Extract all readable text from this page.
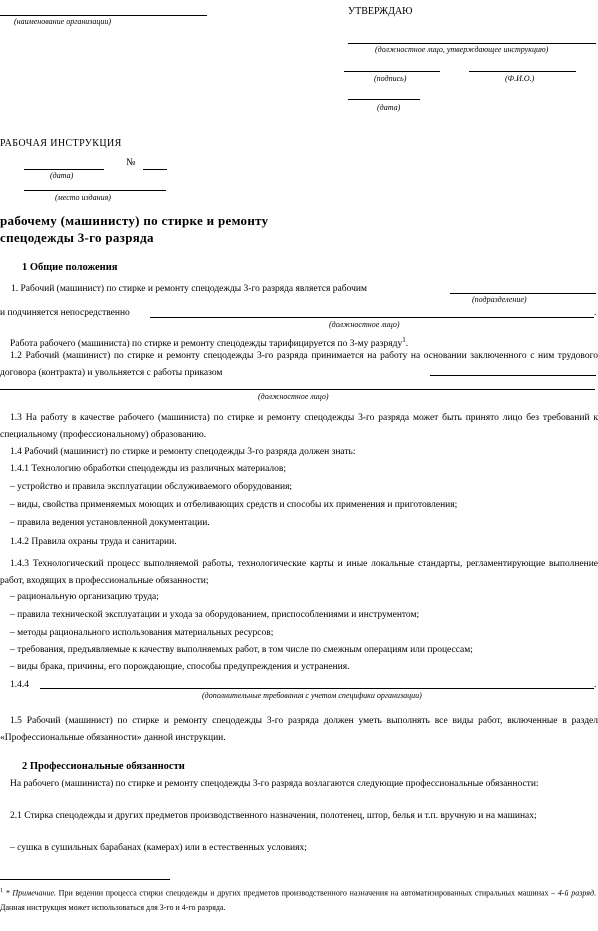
(наименование организации)
УТВЕРЖДАЮ
(должностное лицо, утверждающее инструкцию)
(подпись)	(Ф.И.О.)
(дата)
РАБОЧАЯ ИНСТРУКЦИЯ
№
(дата)
(место издания)
рабочему (машинисту) по стирке и ремонту
спецодежды 3-го разряда
1 Общие положения
1. Рабочий (машинист) по стирке и ремонту спецодежды 3-го разряда является рабочим
(подразделение)
и подчиняется непосредственно	.
(должностное лицо)
Работа рабочего (машиниста) по стирке и ремонту спецодежды тарифицируется по 3-му разряду$^1$.
1.2 Рабочий (машинист) по стирке и ремонту спецодежды 3-го разряда принимается на работу на основании заключенного с ним трудового договора (контракта) и увольняется с работы приказом
(должностное лицо)
1.3 На работу в качестве рабочего (машиниста) по стирке и ремонту спецодежды 3-го разряда может быть принято лицо без требований к специальному (профессиональному) образованию.
1.4 Рабочий (машинист) по стирке и ремонту спецодежды 3-го разряда должен знать:
1.4.1 Технологию обработки спецодежды из различных материалов;
– устройство и правила эксплуатации обслуживаемого оборудования;
– виды, свойства применяемых моющих и отбеливающих средств и способы их применения и приготовления;
– правила ведения установленной документации.
1.4.2 Правила охраны труда и санитарии.
1.4.3 Технологический процесс выполняемой работы, технологические карты и иные локальные стандарты, регламентирующие выполнение работ, входящих в профессиональные обязанности;
– рациональную организацию труда;
– правила технической эксплуатации и ухода за оборудованием, приспособлениями и инструментом;
– методы рационального использования материальных ресурсов;
– требования, предъявляемые к качеству выполняемых работ, в том числе по смежным операциям или процессам;
– виды брака, причины, его порождающие, способы предупреждения и устранения.
1.4.4	.
(дополнительные требования с учетом специфики организации)
1.5 Рабочий (машинист) по стирке и ремонту спецодежды 3-го разряда должен уметь выполнять все виды работ, включенные в раздел «Профессиональные обязанности» данной инструкции.
2 Профессиональные обязанности
На рабочего (машиниста) по стирке и ремонту спецодежды 3-го разряда возлагаются следующие профессиональные обязанности:
2.1 Стирка спецодежды и других предметов производственного назначения, полотенец, штор, белья и т.п. вручную и на машинах;
– сушка в сушильных барабанах (камерах) или в естественных условиях;
$^1$ * Примечание. При ведении процесса стирки спецодежды и других предметов производственного назначения на автоматизированных стиральных машинах – 4-й разряд. Данная инструкция может использоваться для 3-го и 4-го разряда.
